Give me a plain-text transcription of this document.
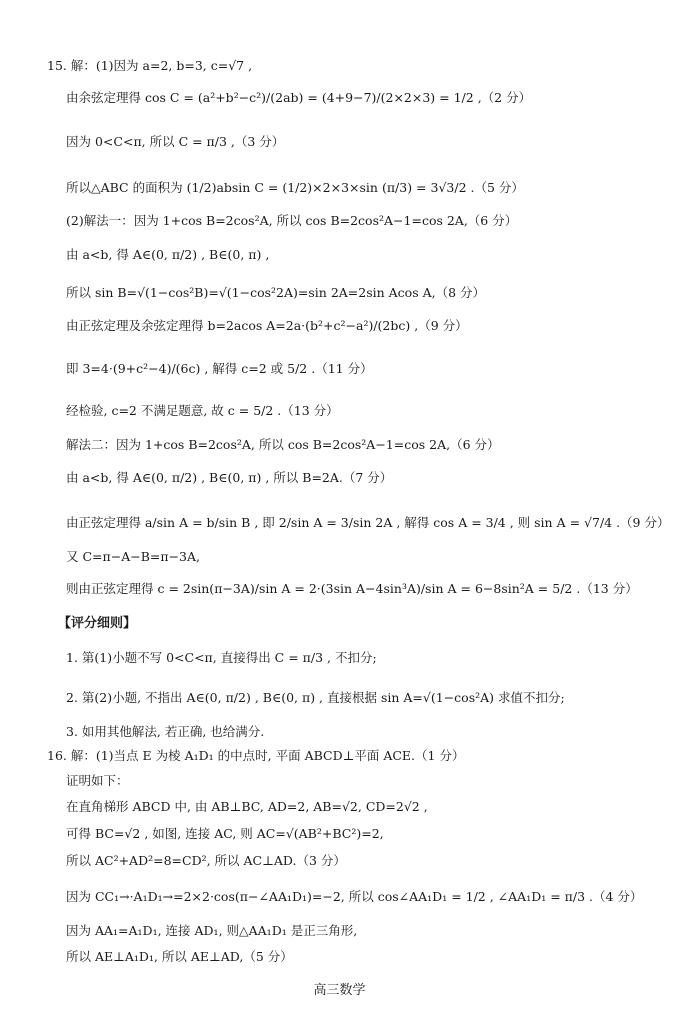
15. 解：(1)因为 a=2, b=3, c=√7 ,
由余弦定理得 cos C = (a²+b²−c²)/(2ab) = (4+9−7)/(2×2×3) = 1/2 ,（2 分）
因为 0<C<π, 所以 C = π/3 ,（3 分）
所以△ABC 的面积为 (1/2)absin C = (1/2)×2×3×sin (π/3) = 3√3/2 .（5 分）
(2)解法一：因为 1+cos B=2cos²A, 所以 cos B=2cos²A−1=cos 2A,（6 分）
由 a<b, 得 A∈(0, π/2) , B∈(0, π) ,
所以 sin B=√(1−cos²B)=√(1−cos²2A)=sin 2A=2sin Acos A,（8 分）
由正弦定理及余弦定理得 b=2acos A=2a·(b²+c²−a²)/(2bc) ,（9 分）
即 3=4·(9+c²−4)/(6c) , 解得 c=2 或 5/2 .（11 分）
经检验, c=2 不满足题意, 故 c = 5/2 .（13 分）
解法二：因为 1+cos B=2cos²A, 所以 cos B=2cos²A−1=cos 2A,（6 分）
由 a<b, 得 A∈(0, π/2) , B∈(0, π) , 所以 B=2A.（7 分）
由正弦定理得 a/sin A = b/sin B , 即 2/sin A = 3/sin 2A , 解得 cos A = 3/4 , 则 sin A = √7/4 .（9 分）
又 C=π−A−B=π−3A,
则由正弦定理得 c = 2sin(π−3A)/sin A = 2·(3sin A−4sin³A)/sin A = 6−8sin²A = 5/2 .（13 分）
【评分细则】
1. 第(1)小题不写 0<C<π, 直接得出 C = π/3 , 不扣分;
2. 第(2)小题, 不指出 A∈(0, π/2) , B∈(0, π) , 直接根据 sin A=√(1−cos²A) 求值不扣分;
3. 如用其他解法, 若正确, 也给满分.
16. 解：(1)当点 E 为棱 A₁D₁ 的中点时, 平面 ABCD⊥平面 ACE.（1 分）
证明如下：
在直角梯形 ABCD 中, 由 AB⊥BC, AD=2, AB=√2, CD=2√2 ,
可得 BC=√2 , 如图, 连接 AC, 则 AC=√(AB²+BC²)=2,
所以 AC²+AD²=8=CD², 所以 AC⊥AD.（3 分）
因为 CC₁→·A₁D₁→=2×2·cos(π−∠AA₁D₁)=−2, 所以 cos∠AA₁D₁ = 1/2 , ∠AA₁D₁ = π/3 .（4 分）
因为 AA₁=A₁D₁, 连接 AD₁, 则△AA₁D₁ 是正三角形,
所以 AE⊥A₁D₁, 所以 AE⊥AD,（5 分）
高三数学
